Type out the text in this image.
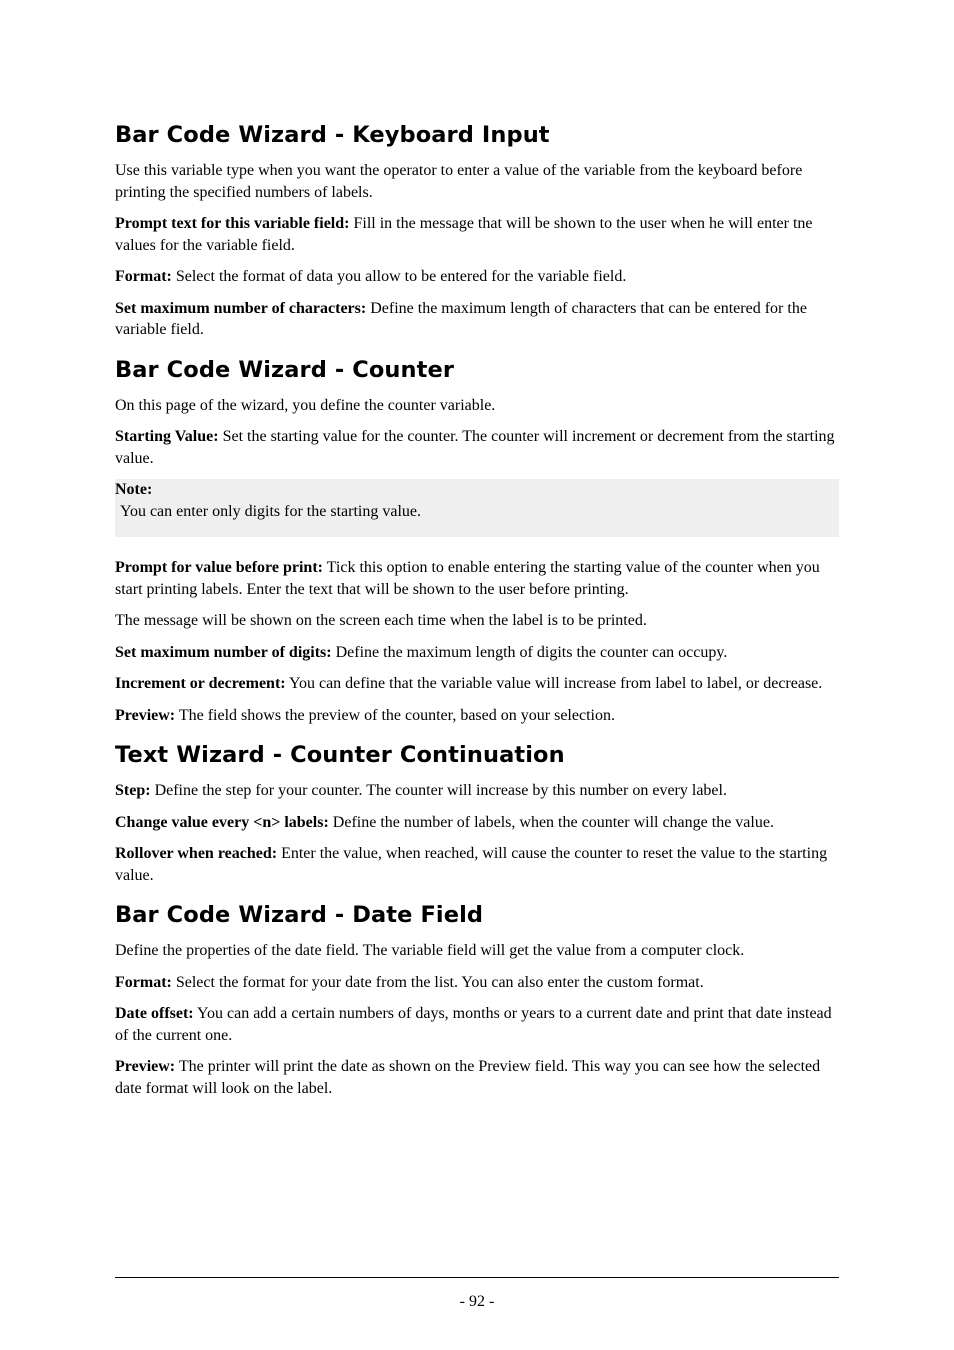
Bar Code Wizard - Keyboard Input

Use this variable type when you want the operator to enter a value of the variable from the keyboard before printing the specified numbers of labels.

Prompt text for this variable field: Fill in the message that will be shown to the user when he will enter tne values for the variable field.

Format: Select the format of data you allow to be entered for the variable field.

Set maximum number of characters: Define the maximum length of characters that can be entered for the variable field.

Bar Code Wizard - Counter

On this page of the wizard, you define the counter variable.

Starting Value: Set the starting value for the counter. The counter will increment or decrement from the starting value.

Note:
You can enter only digits for the starting value.

Prompt for value before print: Tick this option to enable entering the starting value of the counter when you start printing labels. Enter the text that will be shown to the user before printing.

The message will be shown on the screen each time when the label is to be printed.

Set maximum number of digits: Define the maximum length of digits the counter can occupy.

Increment or decrement: You can define that the variable value will increase from label to label, or decrease.

Preview: The field shows the preview of the counter, based on your selection.

Text Wizard - Counter Continuation

Step: Define the step for your counter. The counter will increase by this number on every label.

Change value every <n> labels: Define the number of labels, when the counter will change the value.

Rollover when reached: Enter the value, when reached, will cause the counter to reset the value to the starting value.

Bar Code Wizard - Date Field

Define the properties of the date field. The variable field will get the value from a computer clock.

Format: Select the format for your date from the list. You can also enter the custom format.

Date offset: You can add a certain numbers of days, months or years to a current date and print that date instead of the current one.

Preview: The printer will print the date as shown on the Preview field. This way you can see how the selected date format will look on the label.

- 92 -
